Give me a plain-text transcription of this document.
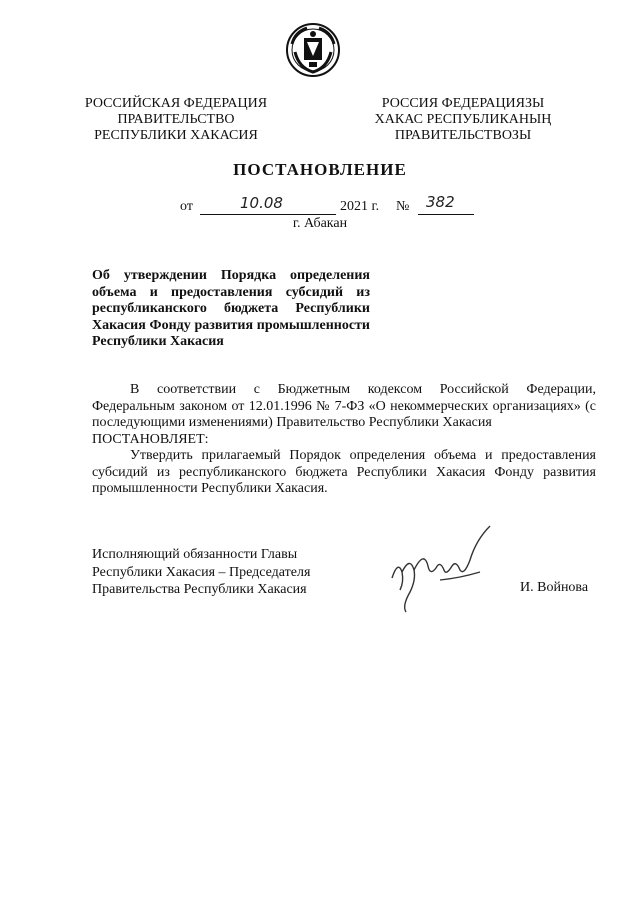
РОССИЙСКАЯ ФЕДЕРАЦИЯ
ПРАВИТЕЛЬСТВО
РЕСПУБЛИКИ ХАКАСИЯ
РОССИЯ ФЕДЕРАЦИЯЗЫ
ХАКАС РЕСПУБЛИКАНЫҢ
ПРАВИТЕЛЬСТВОЗЫ
ПОСТАНОВЛЕНИЕ
от	10.08	2021 г. № 382
г. Абакан
Об утверждении Порядка определения объема и предоставления субсидий из республиканского бюджета Республики Хакасия Фонду развития промышленности Республики Хакасия

В соответствии с Бюджетным кодексом Российской Федерации, Федеральным законом от 12.01.1996 № 7-ФЗ «О некоммерческих организациях» (с последующими изменениями) Правительство Республики Хакасия

ПОСТАНОВЛЯЕТ:

Утвердить прилагаемый Порядок определения объема и предоставления субсидий из республиканского бюджета Республики Хакасия Фонду развития промышленности Республики Хакасия.

Исполняющий обязанности Главы
Республики Хакасия – Председателя
Правительства Республики Хакасия	И. Войнова
